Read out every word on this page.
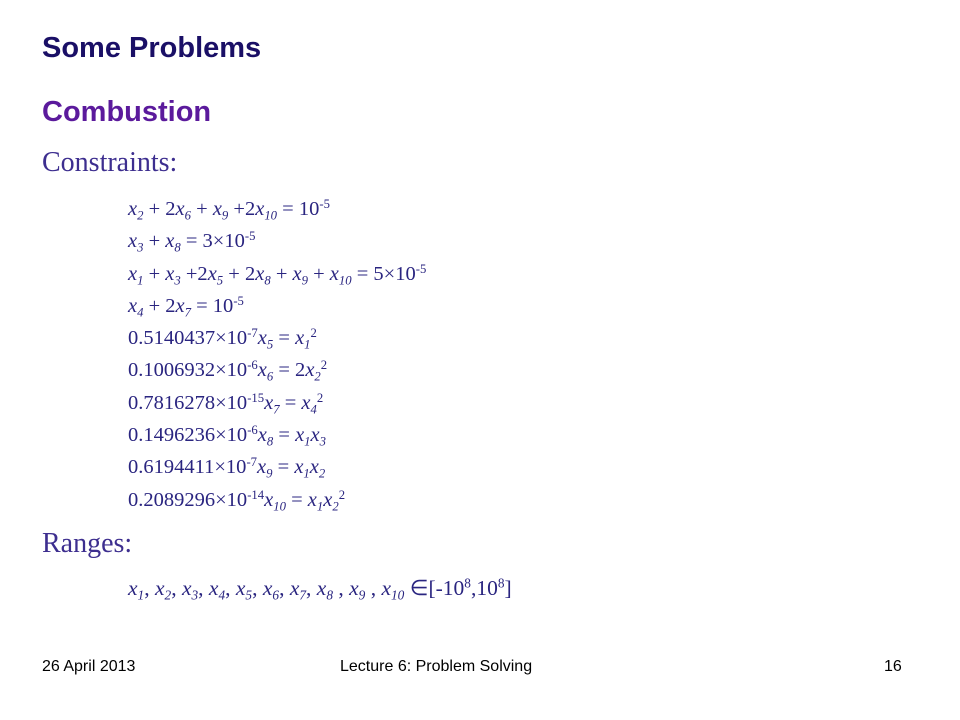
Some Problems
Combustion
Constraints:
$x_2 + 2x_6 + x_9 +2x_{10} = 10^{-5}$
$x_3 + x_8 = 3\times 10^{-5}$
$x_1 + x_3 +2x_5 + 2x_8 + x_9 + x_{10} = 5\times 10^{-5}$
$x_4 + 2x_7 = 10^{-5}$
$0.5140437\times 10^{-7}x_5 = x_1^2$
$0.1006932\times 10^{-6}x_6 = 2x_2^2$
$0.7816278\times 10^{-15}x_7 = x_4^2$
$0.1496236\times 10^{-6}x_8 = x_1x_3$
$0.6194411\times 10^{-7}x_9 = x_1x_2$
$0.2089296\times 10^{-14}x_{10} = x_1x_2^2$
Ranges:
$x_1$, $x_2$, $x_3$, $x_4$, $x_5$, $x_6$, $x_7$, $x_8$ , $x_9$ , $x_{10}$ $\in[-10^8,10^8]$
26 April 2013	Lecture 6: Problem Solving	16
